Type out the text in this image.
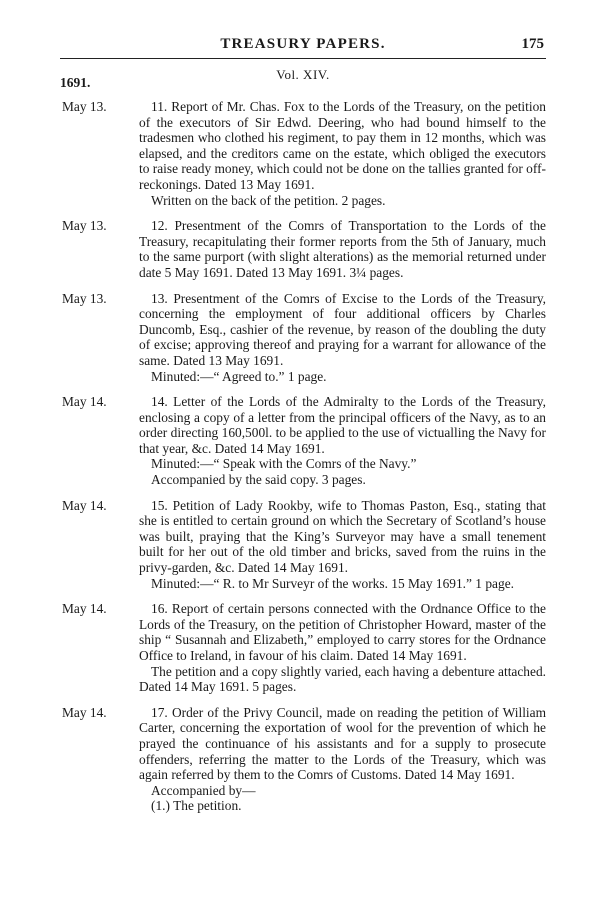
TREASURY PAPERS.	175
Vol. XIV.
1691.
May 13.	11. Report of Mr. Chas. Fox to the Lords of the Treasury, on the petition of the executors of Sir Edwd. Deering, who had bound himself to the tradesmen who clothed his regiment, to pay them in 12 months, which was elapsed, and the creditors came on the estate, which obliged the executors to raise ready money, which could not be done on the tallies granted for off-reckonings. Dated 13 May 1691.

Written on the back of the petition. 2 pages.

May 13.	12. Presentment of the Comrs of Transportation to the Lords of the Treasury, recapitulating their former reports from the 5th of January, much to the same purport (with slight alterations) as the memorial returned under date 5 May 1691. Dated 13 May 1691. 3¼ pages.

May 13.	13. Presentment of the Comrs of Excise to the Lords of the Treasury, concerning the employment of four additional officers by Charles Duncomb, Esq., cashier of the revenue, by reason of the doubling the duty of excise; approving thereof and praying for a warrant for allowance of the same. Dated 13 May 1691.

Minuted:—“ Agreed to.” 1 page.

May 14.	14. Letter of the Lords of the Admiralty to the Lords of the Treasury, enclosing a copy of a letter from the principal officers of the Navy, as to an order directing 160,500l. to be applied to the use of victualling the Navy for that year, &c. Dated 14 May 1691.

Minuted:—“ Speak with the Comrs of the Navy.”

Accompanied by the said copy. 3 pages.

May 14.	15. Petition of Lady Rookby, wife to Thomas Paston, Esq., stating that she is entitled to certain ground on which the Secretary of Scotland’s house was built, praying that the King’s Surveyor may have a small tenement built for her out of the old timber and bricks, saved from the ruins in the privy-garden, &c. Dated 14 May 1691.

Minuted:—“ R. to Mr Surveyr of the works. 15 May 1691.” 1 page.

May 14.	16. Report of certain persons connected with the Ordnance Office to the Lords of the Treasury, on the petition of Christopher Howard, master of the ship “ Susannah and Elizabeth,” employed to carry stores for the Ordnance Office to Ireland, in favour of his claim. Dated 14 May 1691.

The petition and a copy slightly varied, each having a debenture attached. Dated 14 May 1691. 5 pages.

May 14.	17. Order of the Privy Council, made on reading the petition of William Carter, concerning the exportation of wool for the prevention of which he prayed the continuance of his assistants and for a supply to prosecute offenders, referring the matter to the Lords of the Treasury, which was again referred by them to the Comrs of Customs. Dated 14 May 1691.

Accompanied by—

(1.) The petition.
